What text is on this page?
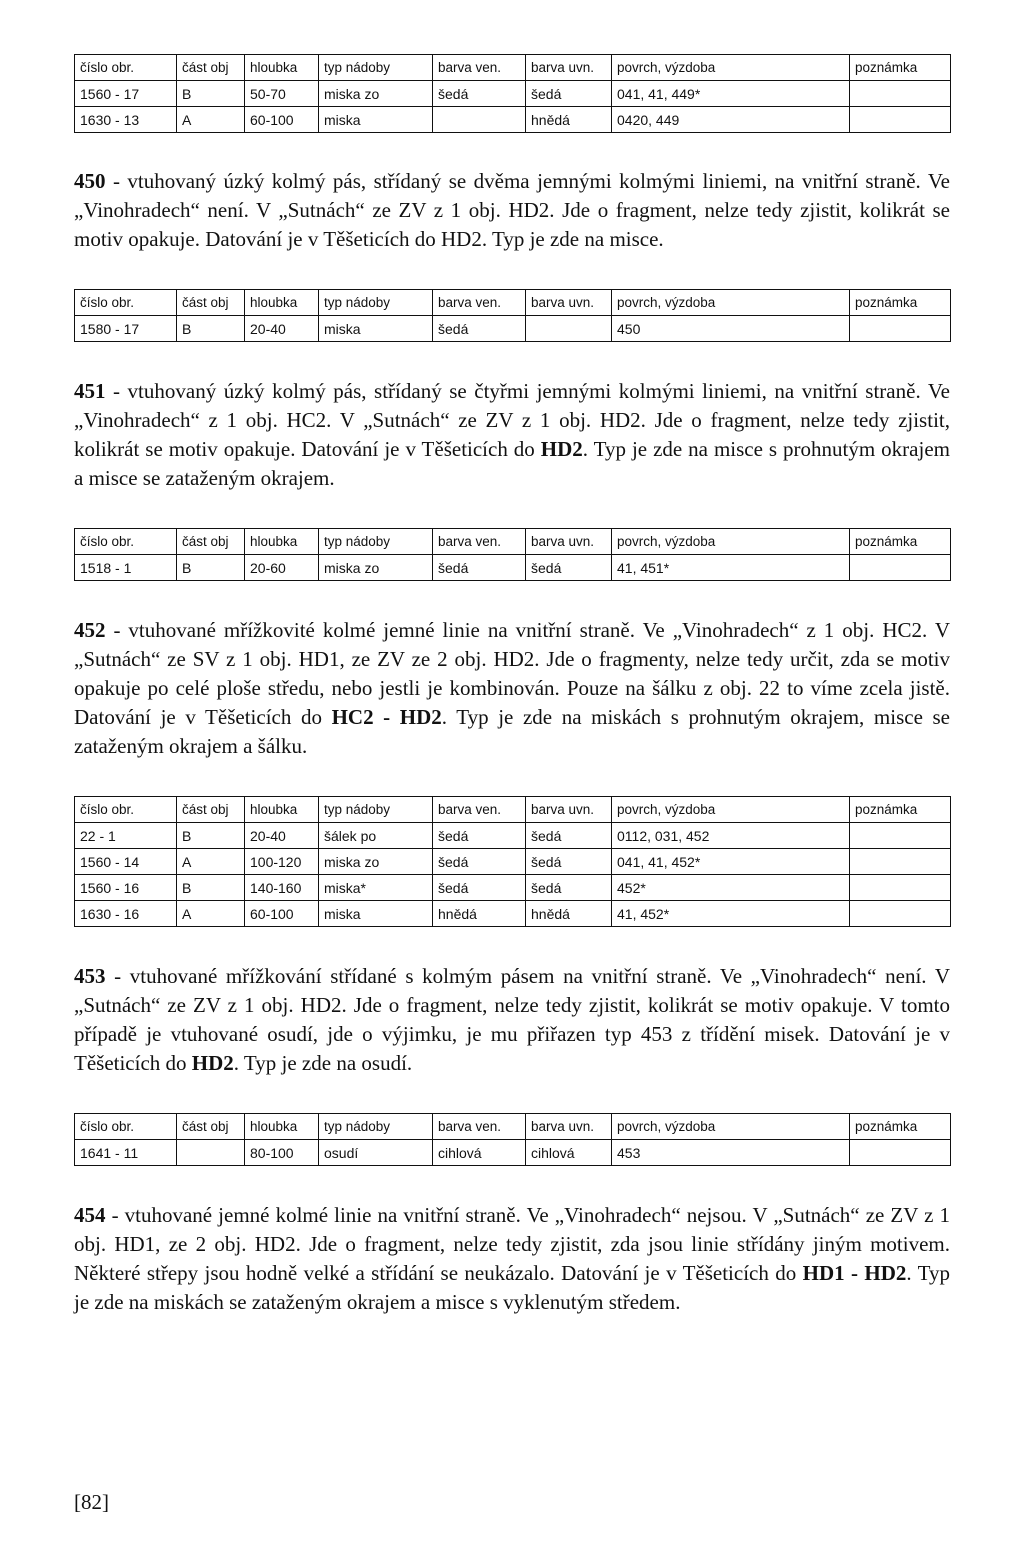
číslo obr.	část obj	hloubka	typ nádoby	barva ven.	barva uvn.	povrch, výzdoba	poznámka
1560 - 17	B	50-70	miska zo	šedá	šedá	041, 41, 449*	
1630 - 13	A	60-100	miska		hnědá	0420, 449	

450 - vtuhovaný úzký kolmý pás, střídaný se dvěma jemnými kolmými liniemi, na vnitřní straně. Ve „Vinohradech“ není. V „Sutnách“ ze ZV z 1 obj. HD2. Jde o fragment, nelze tedy zjistit, kolikrát se motiv opakuje. Datování je v Těšeticích do HD2. Typ je zde na misce.

číslo obr.	část obj	hloubka	typ nádoby	barva ven.	barva uvn.	povrch, výzdoba	poznámka
1580 - 17	B	20-40	miska	šedá		450	

451 - vtuhovaný úzký kolmý pás, střídaný se čtyřmi jemnými kolmými liniemi, na vnitřní straně. Ve „Vinohradech“ z 1 obj. HC2. V „Sutnách“ ze ZV z 1 obj. HD2. Jde o fragment, nelze tedy zjistit, kolikrát se motiv opakuje. Datování je v Těšeticích do HD2. Typ je zde na misce s prohnutým okrajem a misce se zataženým okrajem.

číslo obr.	část obj	hloubka	typ nádoby	barva ven.	barva uvn.	povrch, výzdoba	poznámka
1518 - 1	B	20-60	miska zo	šedá	šedá	41, 451*	

452 - vtuhované mřížkovité kolmé jemné linie na vnitřní straně. Ve „Vinohradech“ z 1 obj. HC2. V „Sutnách“ ze SV z 1 obj. HD1, ze ZV ze 2 obj. HD2. Jde o fragmenty, nelze tedy určit, zda se motiv opakuje po celé ploše středu, nebo jestli je kombinován. Pouze na šálku z obj. 22 to víme zcela jistě. Datování je v Těšeticích do HC2 - HD2. Typ je zde na miskách s prohnutým okrajem, misce se zataženým okrajem a šálku.

číslo obr.	část obj	hloubka	typ nádoby	barva ven.	barva uvn.	povrch, výzdoba	poznámka
22 - 1	B	20-40	šálek po	šedá	šedá	0112, 031, 452	
1560 - 14	A	100-120	miska zo	šedá	šedá	041, 41, 452*	
1560 - 16	B	140-160	miska*	šedá	šedá	452*	
1630 - 16	A	60-100	miska	hnědá	hnědá	41, 452*	

453 - vtuhované mřížkování střídané s kolmým pásem na vnitřní straně. Ve „Vinohradech“ není. V „Sutnách“ ze ZV z 1 obj. HD2. Jde o fragment, nelze tedy zjistit, kolikrát se motiv opakuje. V tomto případě je vtuhované osudí, jde o výjimku, je mu přiřazen typ 453 z třídění misek. Datování je v Těšeticích do HD2. Typ je zde na osudí.

číslo obr.	část obj	hloubka	typ nádoby	barva ven.	barva uvn.	povrch, výzdoba	poznámka
1641 - 11		80-100	osudí	cihlová	cihlová	453	

454 - vtuhované jemné kolmé linie na vnitřní straně. Ve „Vinohradech“ nejsou. V „Sutnách“ ze ZV z 1 obj. HD1, ze 2 obj. HD2. Jde o fragment, nelze tedy zjistit, zda jsou linie střídány jiným motivem. Některé střepy jsou hodně velké a střídání se neukázalo. Datování je v Těšeticích do HD1 - HD2. Typ je zde na miskách se zataženým okrajem a misce s vyklenutým středem.

[82]
